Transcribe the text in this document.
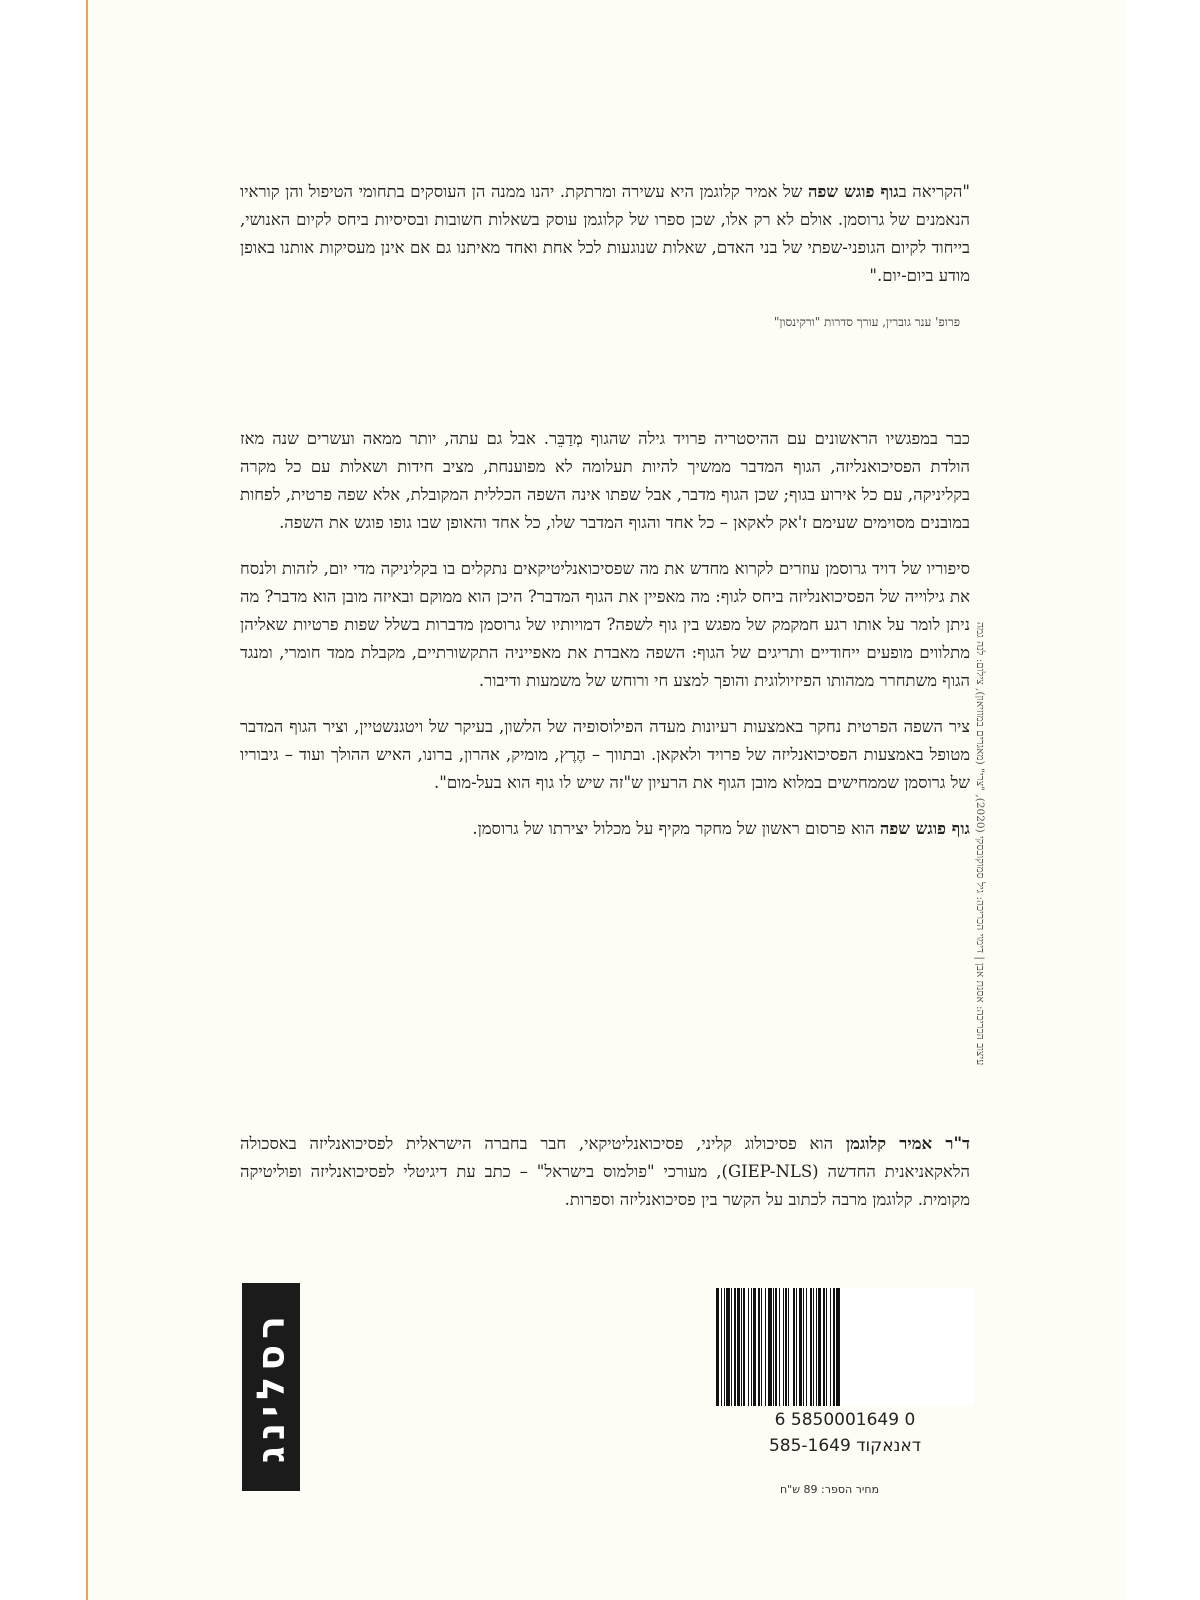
"הקריאה בגוף פוגש שפה של אמיר קלוגמן היא עשירה ומרתקת. יהנו ממנה הן העוסקים בתחומי הטיפול והן קוראיו הנאמנים של גרוסמן. אולם לא רק אלו, שכן ספרו של קלוגמן עוסק בשאלות חשובות ובסיסיות ביחס לקיום האנושי, בייחוד לקיום הגופני-שפתי של בני האדם, שאלות שנוגעות לכל אחת ואחד מאיתנו גם אם אינן מעסיקות אותנו באופן מודע ביום-יום."

פרופ' ענר גוברין, עורך סדרות "ורקינסון"

כבר במפגשיו הראשונים עם ההיסטריה פרויד גילה שהגוף מְדַבֵּר. אבל גם עתה, יותר ממאה ועשרים שנה מאז הולדת הפסיכואנליזה, הגוף המדבר ממשיך להיות תעלומה לא מפוענחת, מציב חידות ושאלות עם כל מקרה בקליניקה, עם כל אירוע בגוף; שכן הגוף מדבר, אבל שפתו אינה השפה הכללית המקובלת, אלא שפה פרטית, לפחות במובנים מסוימים שעימם ז'אק לאקאן – כל אחד והגוף המדבר שלו, כל אחד והאופן שבו גופו פוגש את השפה.

סיפוריו של דויד גרוסמן עוזרים לקרוא מחדש את מה שפסיכואנליטיקאים נתקלים בו בקליניקה מדי יום, לזהות ולנסח את גילוייה של הפסיכואנליזה ביחס לגוף: מה מאפיין את הגוף המדבר? היכן הוא ממוקם ובאיזה מובן הוא מדבר? מה ניתן לומר על אותו רגע חמקמק של מפגש בין גוף לשפה? דמויותיו של גרוסמן מדברות בשלל שפות פרטיות שאליהן מתלווים מופעים ייחודיים ותריגים של הגוף: השפה מאבדת את מאפייניה התקשורתיים, מקבלת ממד חומרי, ומנגד הגוף משתחרר ממהותו הפיזיולוגית והופך למצע חי ורוחש של משמעות ודיבור.

ציר השפה הפרטית נחקר באמצעות רעיונות מעדה הפילוסופיה של הלשון, בעיקר של ויטגנשטיין, וציר הגוף המדבר מטופל באמצעות הפסיכואנליזה של פרויד ולאקאן. ובתווך – הֶרֶץ, מומיק, אהרון, ברונו, האיש ההולך ועוד – גיבוריו של גרוסמן שממחישים במלוא מובן הגוף את הרעיון ש"זה שיש לו גוף הוא בעל-מום".

גוף פוגש שפה הוא פרסום ראשון של מחקר מקיף על מכלול יצירתו של גרוסמן.

ד"ר אמיר קלוגמן הוא פסיכולוג קליני, פסיכואנליטיקאי, חבר בחברה הישראלית לפסיכואנליזה באסכולה הלאקאניאנית החדשה (GIEP-NLS), מעורכי "פולמוס בישראל" – כתב עת דיגיטלי לפסיכואנליזה ופוליטיקה מקומית. קלוגמן מרבה לכתוב על הקשר בין פסיכואנליזה וספרות.

עיצוב הכריכה: אסנת אבן | דימוי הכריכה: גיל סמוקובסקי (2020), "צרי" (מאגרים במוזיאון), צילום: לנה גמה
רסלינג	0 5850001649 6
דאנאקוד 585-1649
מחיר הספר: 89 ש"ח
